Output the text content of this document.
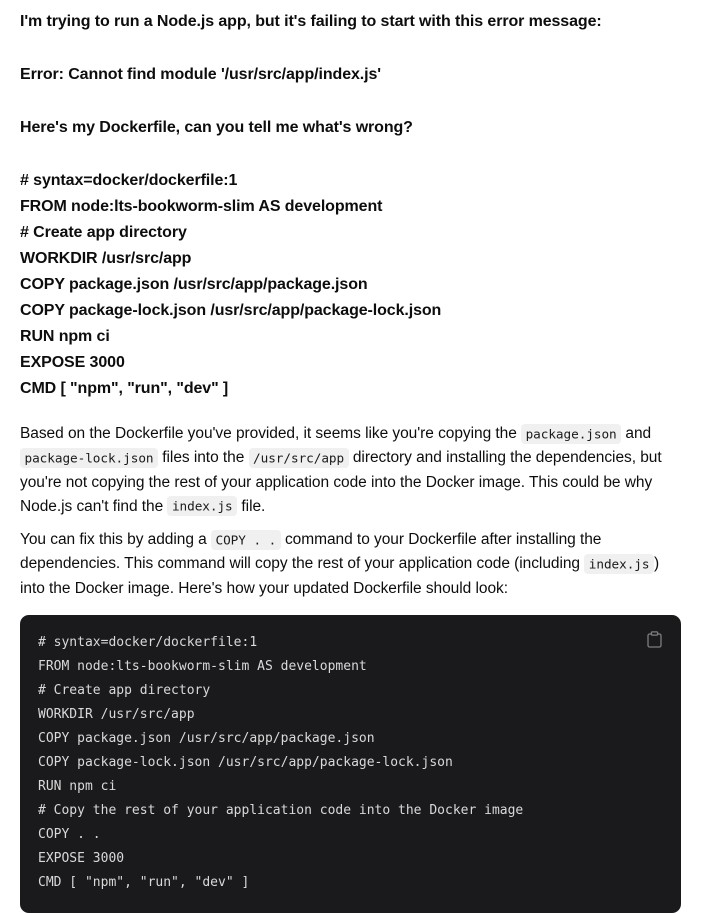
I'm trying to run a Node.js app, but it's failing to start with this error message:
Error: Cannot find module '/usr/src/app/index.js'
Here's my Dockerfile, can you tell me what's wrong?
# syntax=docker/dockerfile:1
FROM node:lts-bookworm-slim AS development
# Create app directory
WORKDIR /usr/src/app
COPY package.json /usr/src/app/package.json
COPY package-lock.json /usr/src/app/package-lock.json
RUN npm ci
EXPOSE 3000
CMD [ "npm", "run", "dev" ]

Based on the Dockerfile you've provided, it seems like you're copying the package.json and package-lock.json files into the /usr/src/app directory and installing the dependencies, but you're not copying the rest of your application code into the Docker image. This could be why Node.js can't find the index.js file.

You can fix this by adding a COPY . . command to your Dockerfile after installing the dependencies. This command will copy the rest of your application code (including index.js ) into the Docker image. Here's how your updated Dockerfile should look:

# syntax=docker/dockerfile:1
FROM node:lts-bookworm-slim AS development
# Create app directory
WORKDIR /usr/src/app
COPY package.json /usr/src/app/package.json
COPY package-lock.json /usr/src/app/package-lock.json
RUN npm ci
# Copy the rest of your application code into the Docker image
COPY . .
EXPOSE 3000
CMD [ "npm", "run", "dev" ]
